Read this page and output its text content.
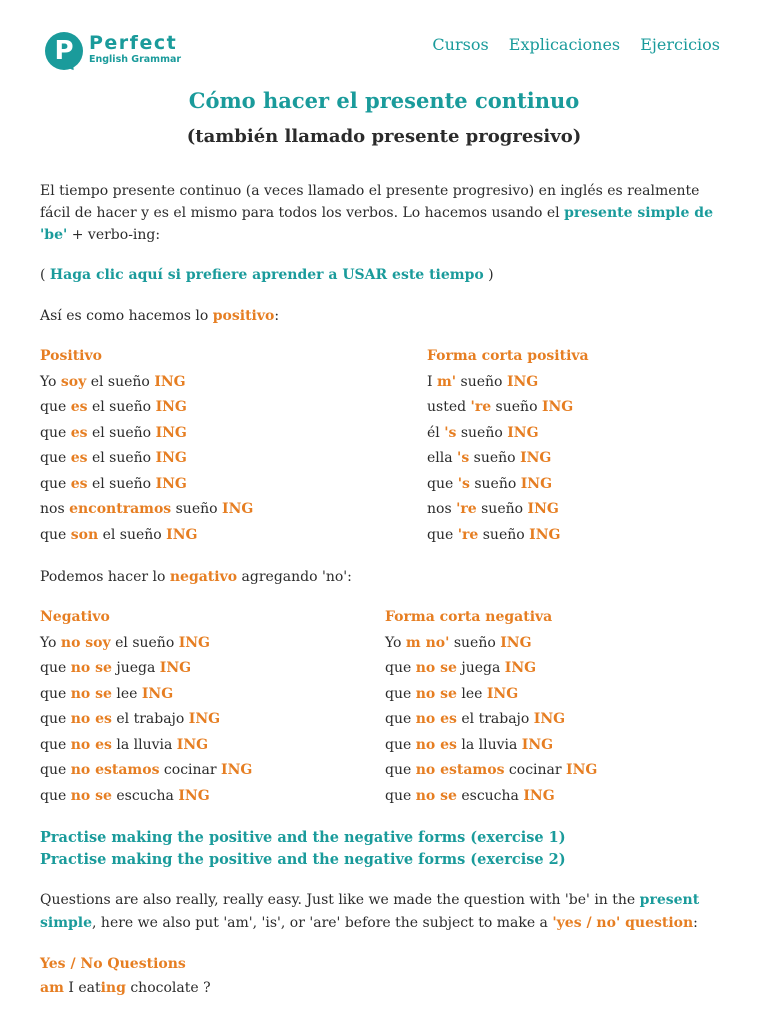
P Perfect
English Grammar
Cursos Explicaciones Ejercicios
Cómo hacer el presente continuo
(también llamado presente progresivo)
El tiempo presente continuo (a veces llamado el presente progresivo) en inglés es realmente fácil de hacer y es el mismo para todos los verbos. Lo hacemos usando el presente simple de 'be' + verbo-ing:
( Haga clic aquí si prefiere aprender a USAR este tiempo )
Así es como hacemos lo positivo:
Positivo
Yo soy el sueño ING
que es el sueño ING
que es el sueño ING
que es el sueño ING
que es el sueño ING
nos encontramos sueño ING
que son el sueño ING
Forma corta positiva
I m' sueño ING
usted 're sueño ING
él 's sueño ING
ella 's sueño ING
que 's sueño ING
nos 're sueño ING
que 're sueño ING
Podemos hacer lo negativo agregando 'no':
Negativo
Yo no soy el sueño ING
que no se juega ING
que no se lee ING
que no es el trabajo ING
que no es la lluvia ING
que no estamos cocinar ING
que no se escucha ING
Forma corta negativa
Yo m no' sueño ING
que no se juega ING
que no se lee ING
que no es el trabajo ING
que no es la lluvia ING
que no estamos cocinar ING
que no se escucha ING
Practise making the positive and the negative forms (exercise 1)
Practise making the positive and the negative forms (exercise 2)
Questions are also really, really easy. Just like we made the question with 'be' in the present simple, here we also put 'am', 'is', or 'are' before the subject to make a 'yes / no' question:
Yes / No Questions
am I eating chocolate ?
